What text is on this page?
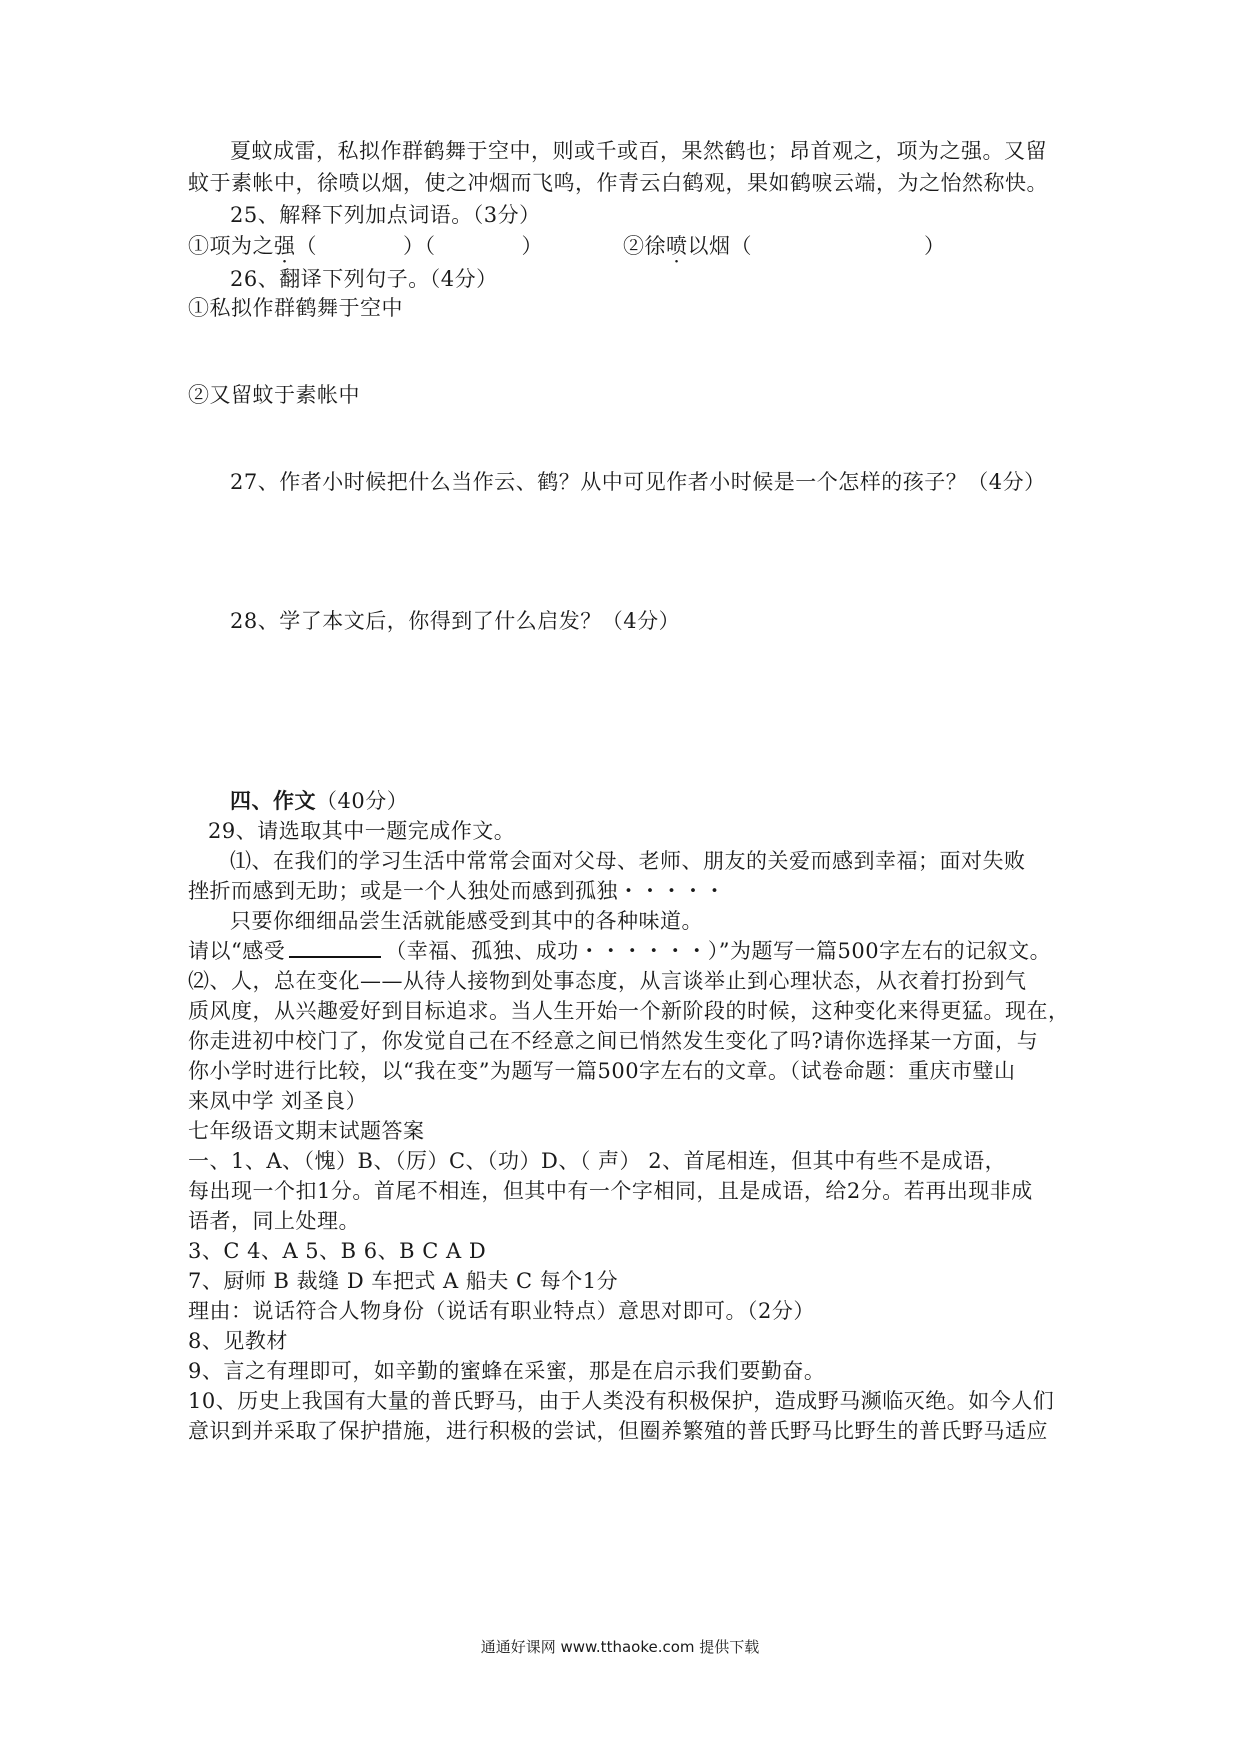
夏蚊成雷，私拟作群鹤舞于空中，则或千或百，果然鹤也；昂首观之，项为之强。又留
蚊于素帐中，徐喷以烟，使之冲烟而飞鸣，作青云白鹤观，果如鹤唳云端，为之怡然称快。
25、解释下列加点词语。（3分）
①项为之强（　　　　）（　　　　）	②徐喷以烟（　　　　　　　　）
26、翻译下列句子。（4分）
①私拟作群鹤舞于空中
②又留蚊于素帐中
27、作者小时候把什么当作云、鹤？从中可见作者小时候是一个怎样的孩子？（4分）
28、学了本文后，你得到了什么启发？（4分）
四、作文（40分）
29、请选取其中一题完成作文。
⑴、在我们的学习生活中常常会面对父母、老师、朋友的关爱而感到幸福；面对失败
挫折而感到无助；或是一个人独处而感到孤独・・・・・
只要你细细品尝生活就能感受到其中的各种味道。
请以“感受	（幸福、孤独、成功・・・・・・）”为题写一篇500字左右的记叙文。
⑵、人，总在变化——从待人接物到处事态度，从言谈举止到心理状态，从衣着打扮到气
质风度，从兴趣爱好到目标追求。当人生开始一个新阶段的时候，这种变化来得更猛。现在，
你走进初中校门了，你发觉自己在不经意之间已悄然发生变化了吗?请你选择某一方面，与
你小学时进行比较，以“我在变”为题写一篇500字左右的文章。（试卷命题：重庆市璧山
来凤中学 刘圣良）
七年级语文期末试题答案
一、1、A、（愧）B、（厉）C、（功）D、（ 声） 2、首尾相连，但其中有些不是成语，
每出现一个扣1分。首尾不相连，但其中有一个字相同，且是成语，给2分。若再出现非成
语者，同上处理。
3、C 4、A 5、B 6、B C A D
7、厨师 B 裁缝 D 车把式 A 船夫 C 每个1分
理由：说话符合人物身份（说话有职业特点）意思对即可。（2分）
8、见教材
9、言之有理即可，如辛勤的蜜蜂在采蜜，那是在启示我们要勤奋。
10、历史上我国有大量的普氏野马，由于人类没有积极保护，造成野马濒临灭绝。如今人们
意识到并采取了保护措施，进行积极的尝试，但圈养繁殖的普氏野马比野生的普氏野马适应
通通好课网 www.tthaoke.com 提供下载
